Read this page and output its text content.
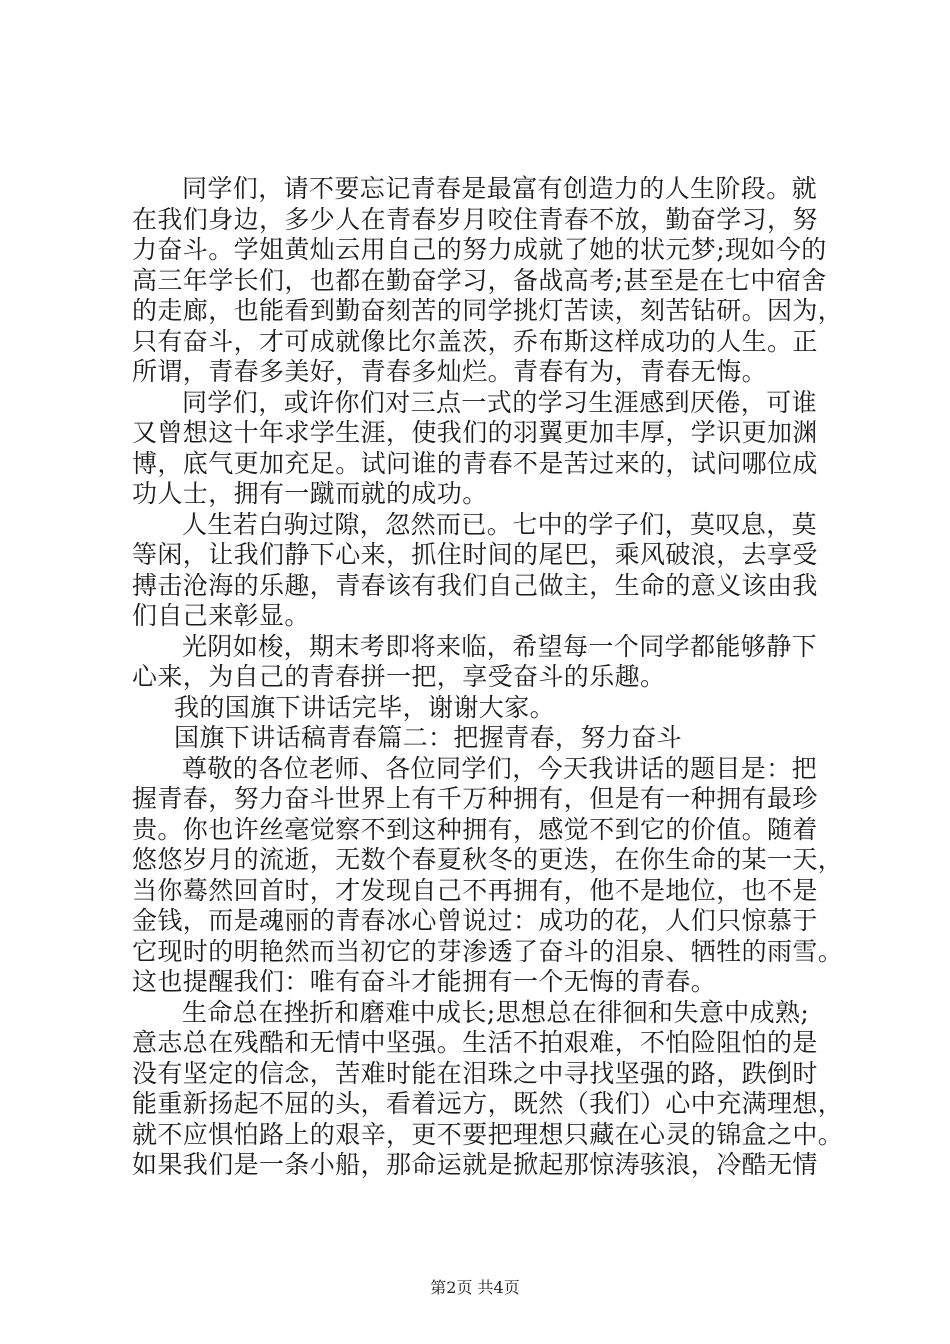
同学们，请不要忘记青春是最富有创造力的人生阶段。就
在我们身边，多少人在青春岁月咬住青春不放，勤奋学习，努
力奋斗。学姐黄灿云用自己的努力成就了她的状元梦;现如今的
高三年学长们，也都在勤奋学习，备战高考;甚至是在七中宿舍
的走廊，也能看到勤奋刻苦的同学挑灯苦读，刻苦钻研。因为，
只有奋斗，才可成就像比尔盖茨，乔布斯这样成功的人生。正
所谓，青春多美好，青春多灿烂。青春有为，青春无悔。
同学们，或许你们对三点一式的学习生涯感到厌倦，可谁
又曾想这十年求学生涯，使我们的羽翼更加丰厚，学识更加渊
博，底气更加充足。试问谁的青春不是苦过来的，试问哪位成
功人士，拥有一蹴而就的成功。
人生若白驹过隙，忽然而已。七中的学子们，莫叹息，莫
等闲，让我们静下心来，抓住时间的尾巴，乘风破浪，去享受
搏击沧海的乐趣，青春该有我们自己做主，生命的意义该由我
们自己来彰显。
光阴如梭，期末考即将来临，希望每一个同学都能够静下
心来，为自己的青春拼一把，享受奋斗的乐趣。
我的国旗下讲话完毕，谢谢大家。
国旗下讲话稿青春篇二：把握青春，努力奋斗
尊敬的各位老师、各位同学们，今天我讲话的题目是：把
握青春，努力奋斗世界上有千万种拥有，但是有一种拥有最珍
贵。你也许丝毫觉察不到这种拥有，感觉不到它的价值。随着
悠悠岁月的流逝，无数个春夏秋冬的更迭，在你生命的某一天，
当你蓦然回首时，才发现自己不再拥有，他不是地位，也不是
金钱，而是魂丽的青春冰心曾说过：成功的花，人们只惊慕于
它现时的明艳然而当初它的芽渗透了奋斗的泪泉、牺牲的雨雪。
这也提醒我们：唯有奋斗才能拥有一个无悔的青春。
生命总在挫折和磨难中成长;思想总在徘徊和失意中成熟;
意志总在残酷和无情中坚强。生活不拍艰难，不怕险阻怕的是
没有坚定的信念，苦难时能在泪珠之中寻找坚强的路，跌倒时
能重新扬起不屈的头，看着远方，既然（我们）心中充满理想，
就不应惧怕路上的艰辛，更不要把理想只藏在心灵的锦盒之中。
如果我们是一条小船，那命运就是掀起那惊涛骇浪，冷酷无情
第2页 共4页
